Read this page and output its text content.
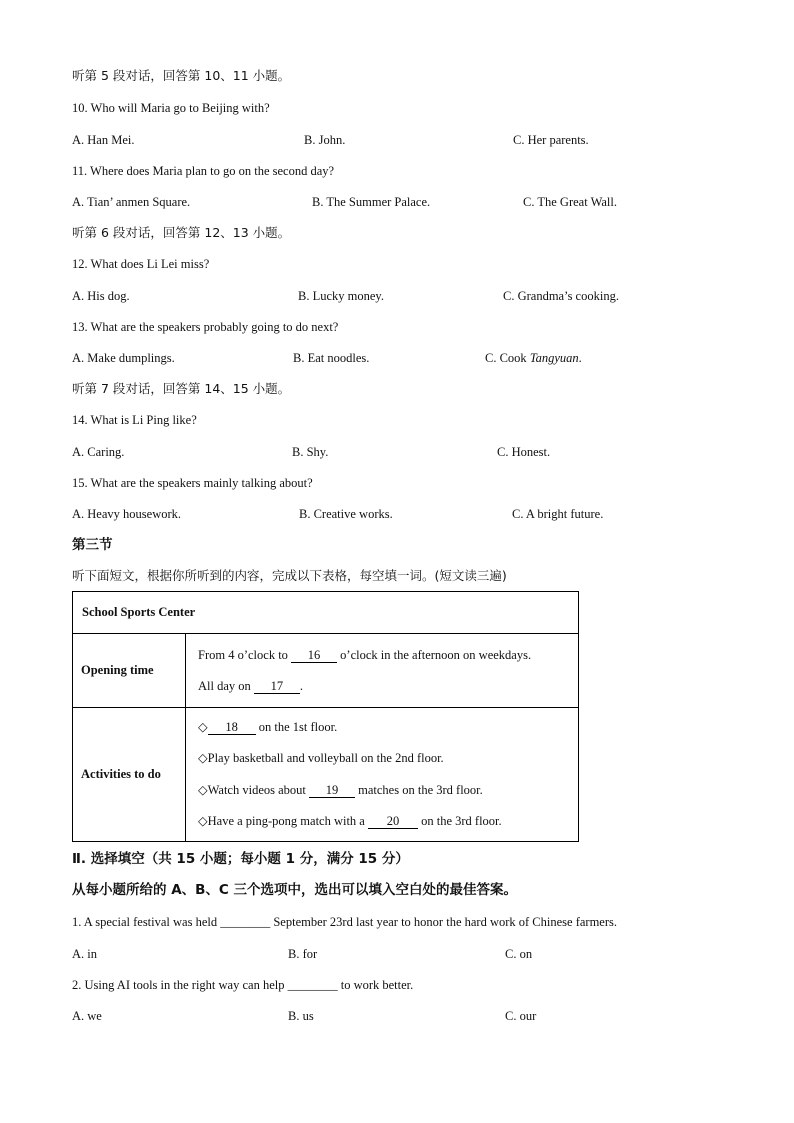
听第 5 段对话，回答第 10、11 小题。
10. Who will Maria go to Beijing with?
A. Han Mei.	B. John.	C. Her parents.
11. Where does Maria plan to go on the second day?
A. Tian’ anmen Square.	B. The Summer Palace.	C. The Great Wall.
听第 6 段对话，回答第 12、13 小题。
12. What does Li Lei miss?
A. His dog.	B. Lucky money.	C. Grandma’s cooking.
13. What are the speakers probably going to do next?
A. Make dumplings.	B. Eat noodles.	C. Cook Tangyuan.
听第 7 段对话，回答第 14、15 小题。
14. What is Li Ping like?
A. Caring.	B. Shy.	C. Honest.
15. What are the speakers mainly talking about?
A. Heavy housework.	B. Creative works.	C. A bright future.
第三节
听下面短文，根据你所听到的内容，完成以下表格，每空填一词。(短文读三遍)
School Sports Center	
Opening time	From 4 o’clock to 16 o’clock in the afternoon on weekdays.
All day on 17 .

Activities to do	◇ 18 on the 1st floor.
◇Play basketball and volleyball on the 2nd floor.
◇Watch videos about 19 matches on the 3rd floor.
◇Have a ping-pong match with a 20 on the 3rd floor.
Ⅱ. 选择填空（共 15 小题；每小题 1 分，满分 15 分）
从每小题所给的 A、B、C 三个选项中，选出可以填入空白处的最佳答案。
1. A special festival was held ________ September 23rd last year to honor the hard work of Chinese farmers.
A. in	B. for	C. on
2. Using AI tools in the right way can help ________ to work better.
A. we	B. us	C. our
